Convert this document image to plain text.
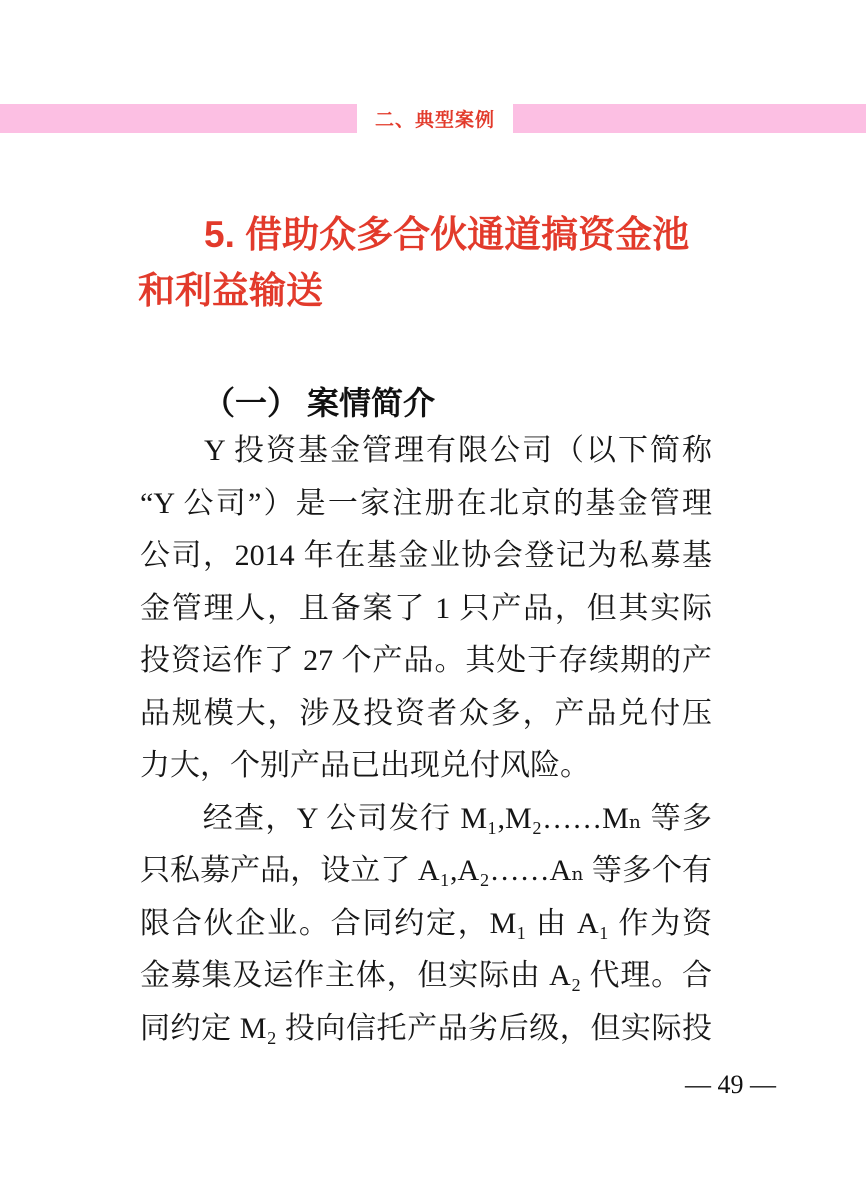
二、典型案例
5. 借助众多合伙通道搞资金池
和利益输送
（一） 案情简介
　　Y 投资基金管理有限公司（以下简称
“Y 公司”）是一家注册在北京的基金管理
公司，2014 年在基金业协会登记为私募基
金管理人，且备案了 1 只产品，但其实际
投资运作了 27 个产品。其处于存续期的产
品规模大，涉及投资者众多，产品兑付压
力大，个别产品已出现兑付风险。
　　经查，Y 公司发行 M₁,M₂……Mₙ 等多
只私募产品，设立了 A₁,A₂……Aₙ 等多个有
限合伙企业。合同约定，M₁ 由 A₁ 作为资
金募集及运作主体，但实际由 A₂ 代理。合
同约定 M₂ 投向信托产品劣后级，但实际投
— 49 —
